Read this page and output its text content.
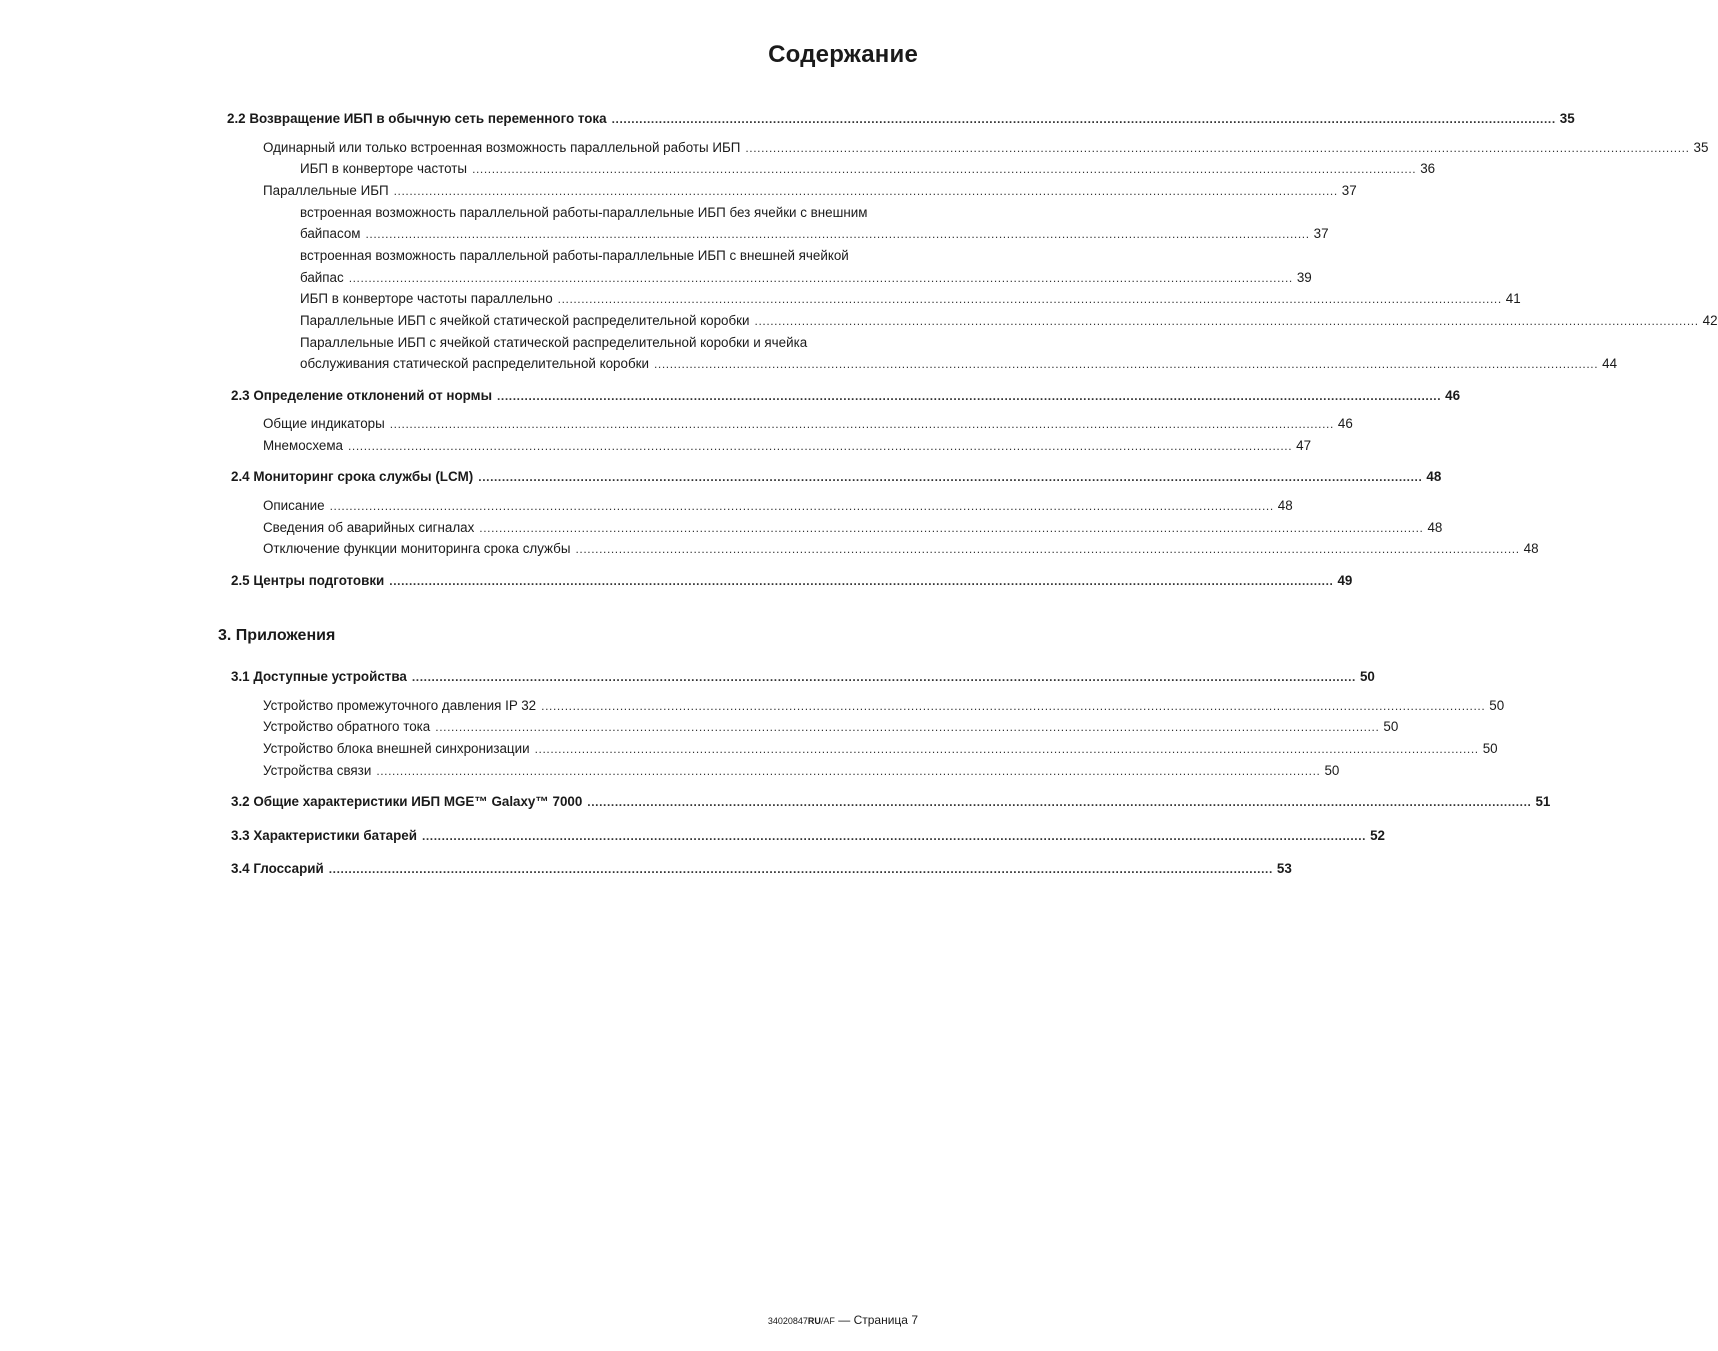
Содержание
2.2 Возвращение ИБП в обычную сеть переменного тока ................................................................................................................................................................................................................................................ 35
Одинарный или только встроенная возможность параллельной работы ИБП ................................................................................................................................................................................................................................................ 35
ИБП в конверторе частоты ................................................................................................................................................................................................................................................ 36
Параллельные ИБП ................................................................................................................................................................................................................................................ 37
встроенная возможность параллельной работы-параллельные ИБП без ячейки с внешним
байпасом ................................................................................................................................................................................................................................................ 37
встроенная возможность параллельной работы-параллельные ИБП с внешней ячейкой
байпас ................................................................................................................................................................................................................................................ 39
ИБП в конверторе частоты параллельно ................................................................................................................................................................................................................................................ 41
Параллельные ИБП с ячейкой статической распределительной коробки ................................................................................................................................................................................................................................................ 42
Параллельные ИБП с ячейкой статической распределительной коробки и ячейка
обслуживания статической распределительной коробки ................................................................................................................................................................................................................................................ 44
2.3 Определение отклонений от нормы ................................................................................................................................................................................................................................................ 46
Общие индикаторы ................................................................................................................................................................................................................................................ 46
Мнемосхема ................................................................................................................................................................................................................................................ 47
2.4 Мониторинг срока службы (LCM) ................................................................................................................................................................................................................................................ 48
Описание ................................................................................................................................................................................................................................................ 48
Сведения об аварийных сигналах ................................................................................................................................................................................................................................................ 48
Отключение функции мониторинга срока службы ................................................................................................................................................................................................................................................ 48
2.5 Центры подготовки ................................................................................................................................................................................................................................................ 49
3. Приложения
3.1 Доступные устройства ................................................................................................................................................................................................................................................ 50
Устройство промежуточного давления IP 32 ................................................................................................................................................................................................................................................ 50
Устройство обратного тока ................................................................................................................................................................................................................................................ 50
Устройство блока внешней синхронизации ................................................................................................................................................................................................................................................ 50
Устройства связи ................................................................................................................................................................................................................................................ 50
3.2 Общие характеристики ИБП MGE™ Galaxy™ 7000 ................................................................................................................................................................................................................................................ 51
3.3 Характеристики батарей ................................................................................................................................................................................................................................................ 52
3.4 Глоссарий ................................................................................................................................................................................................................................................ 53
34020847RU/AF — Страница 7
